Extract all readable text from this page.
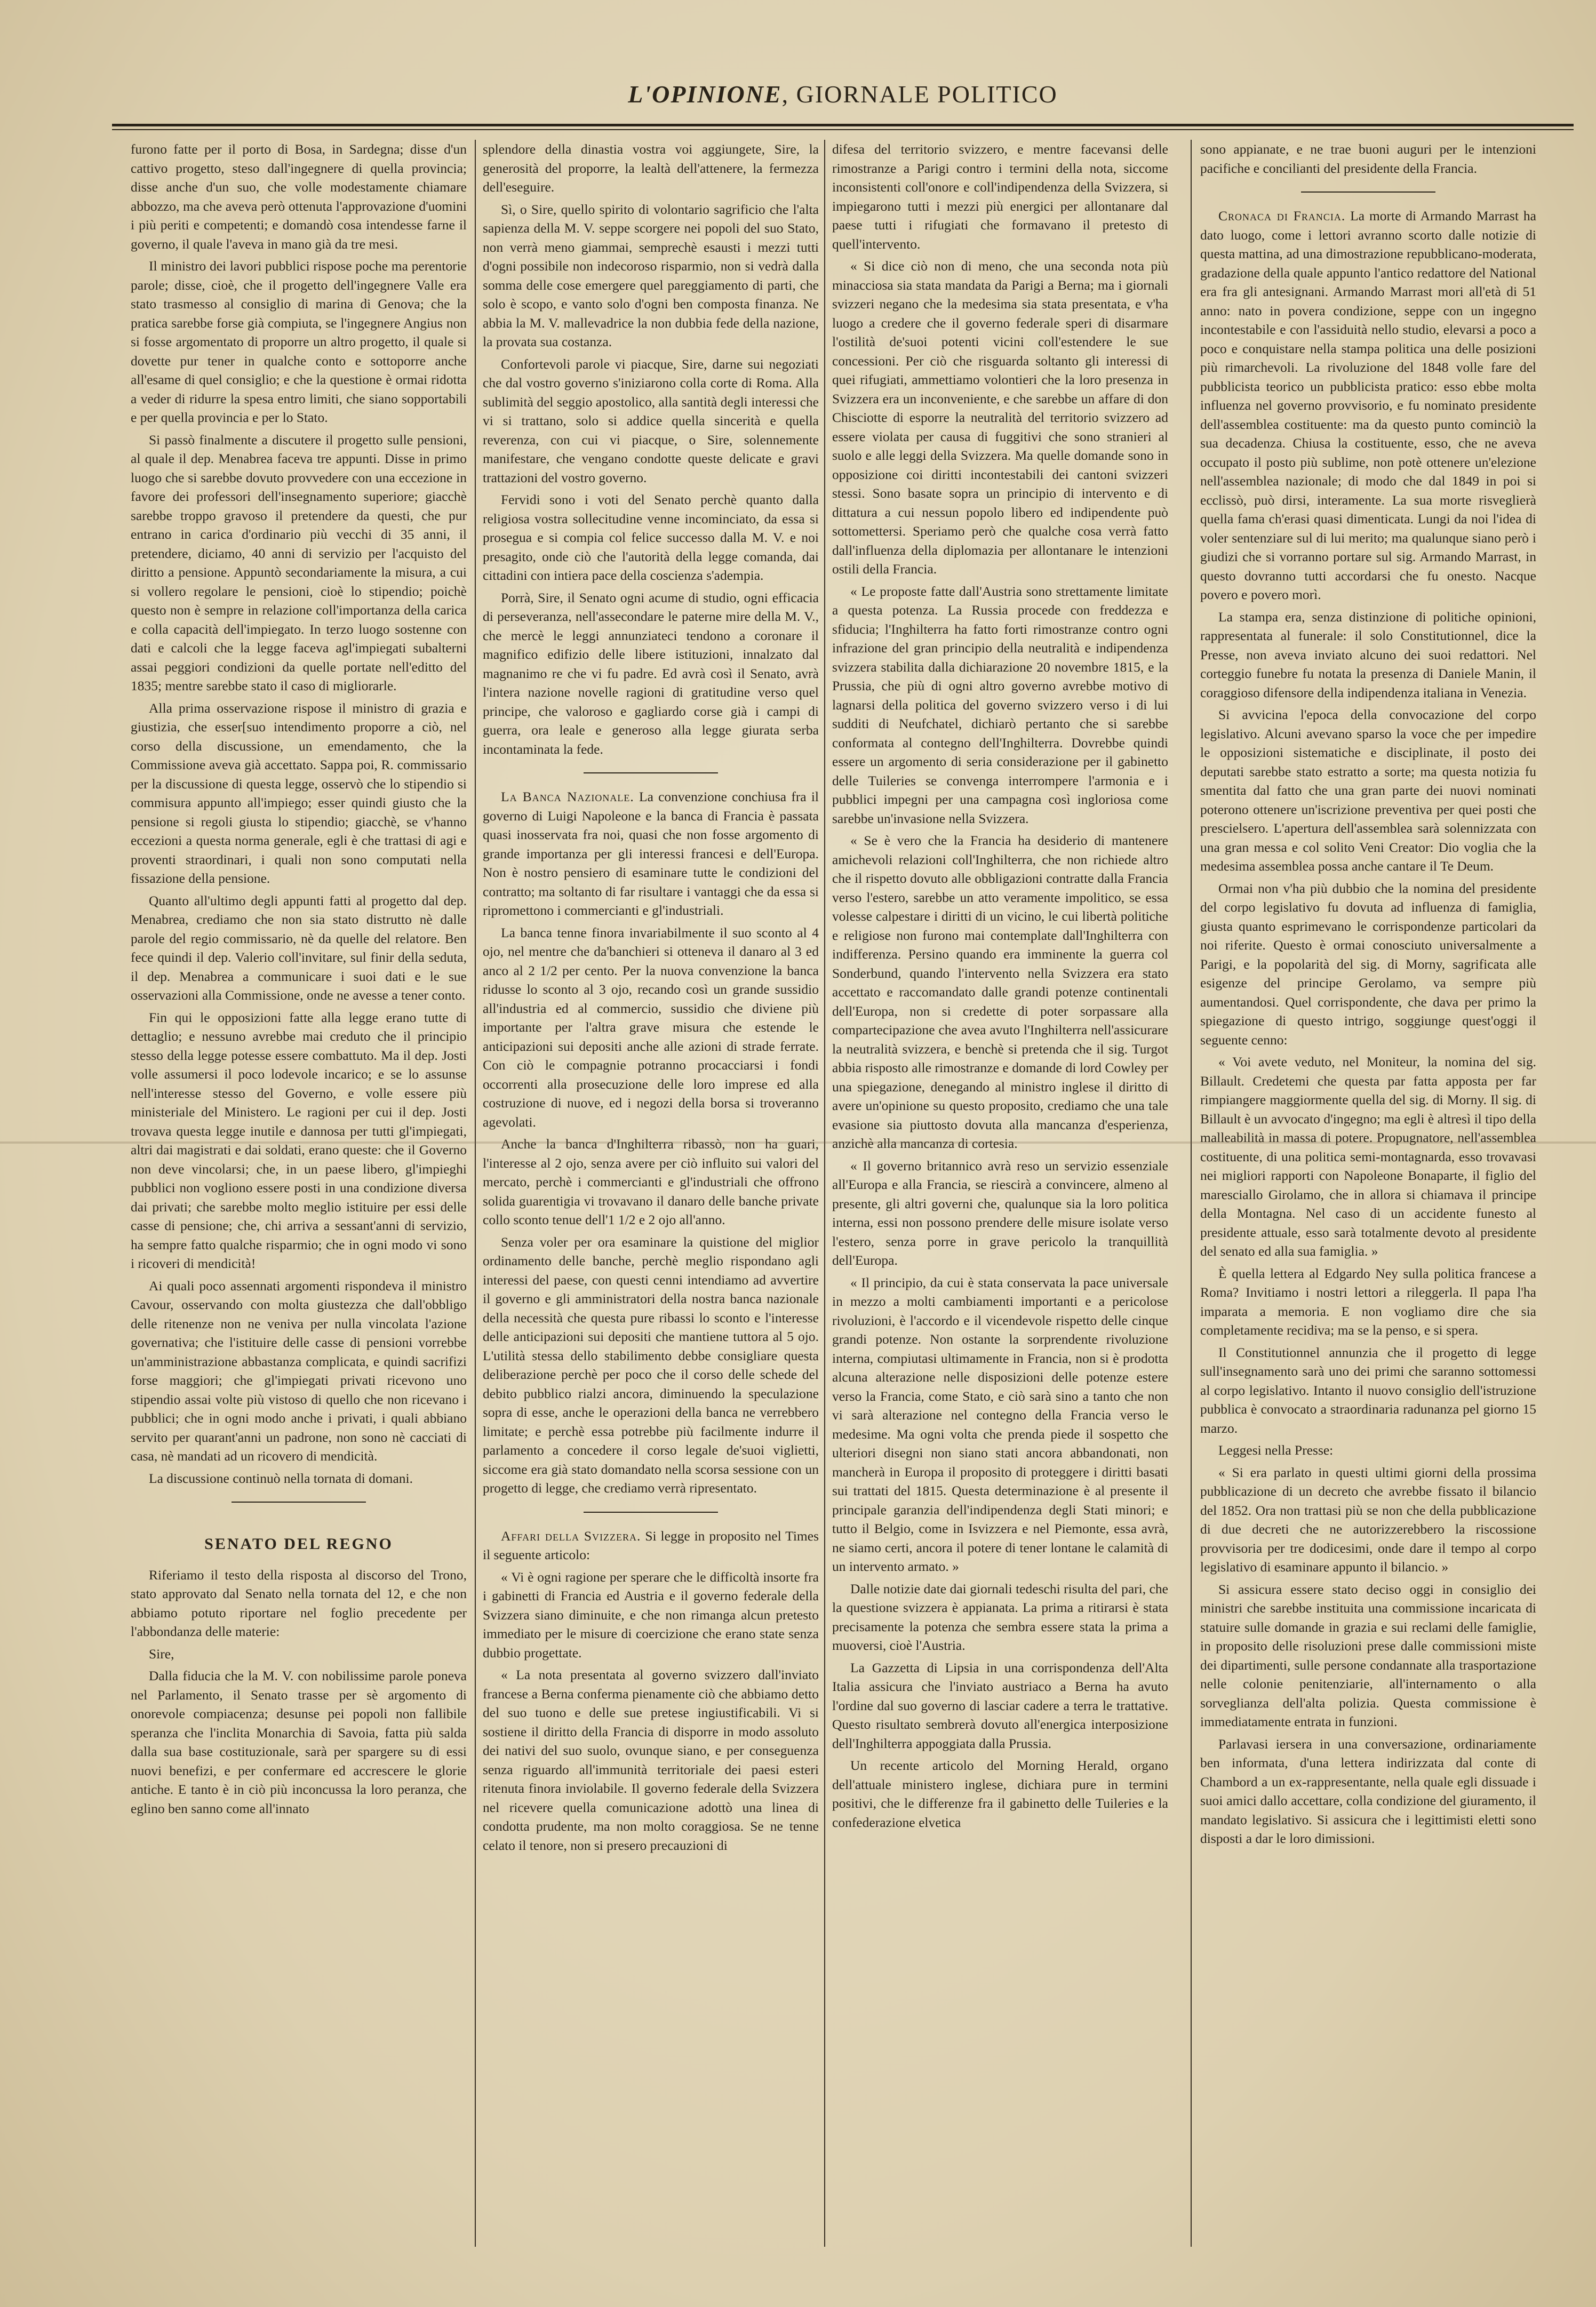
L'OPINIONE, GIORNALE POLITICO

furono fatte per il porto di Bosa, in Sardegna; disse d'un cattivo progetto, steso dall'ingegnere di quella provincia; disse anche d'un suo, che volle modestamente chiamare abbozzo, ma che aveva però ottenuta l'approvazione d'uomini i più periti e competenti; e domandò cosa intendesse farne il governo, il quale l'aveva in mano già da tre mesi.

Il ministro dei lavori pubblici rispose poche ma perentorie parole; disse, cioè, che il progetto dell'ingegnere Valle era stato trasmesso al consiglio di marina di Genova; che la pratica sarebbe forse già compiuta, se l'ingegnere Angius non si fosse argomentato di proporre un altro progetto, il quale si dovette pur tener in qualche conto e sottoporre anche all'esame di quel consiglio; e che la questione è ormai ridotta a veder di ridurre la spesa entro limiti, che siano sopportabili e per quella provincia e per lo Stato.

Si passò finalmente a discutere il progetto sulle pensioni, al quale il dep. Menabrea faceva tre appunti. Disse in primo luogo che si sarebbe dovuto provvedere con una eccezione in favore dei professori dell'insegnamento superiore; giacchè sarebbe troppo gravoso il pretendere da questi, che pur entrano in carica d'ordinario più vecchi di 35 anni, il pretendere, diciamo, 40 anni di servizio per l'acquisto del diritto a pensione. Appuntò secondariamente la misura, a cui si vollero regolare le pensioni, cioè lo stipendio; poichè questo non è sempre in relazione coll'importanza della carica e colla capacità dell'impiegato. In terzo luogo sostenne con dati e calcoli che la legge faceva agl'impiegati subalterni assai peggiori condizioni da quelle portate nell'editto del 1835; mentre sarebbe stato il caso di migliorarle.

Alla prima osservazione rispose il ministro di grazia e giustizia, che esser[suo intendimento proporre a ciò, nel corso della discussione, un emendamento, che la Commissione aveva già accettato. Sappa poi, R. commissario per la discussione di questa legge, osservò che lo stipendio si commisura appunto all'impiego; esser quindi giusto che la pensione si regoli giusta lo stipendio; giacchè, se v'hanno eccezioni a questa norma generale, egli è che trattasi di agi e proventi straordinari, i quali non sono computati nella fissazione della pensione.

Quanto all'ultimo degli appunti fatti al progetto dal dep. Menabrea, crediamo che non sia stato distrutto nè dalle parole del regio commissario, nè da quelle del relatore. Ben fece quindi il dep. Valerio coll'invitare, sul finir della seduta, il dep. Menabrea a communicare i suoi dati e le sue osservazioni alla Commissione, onde ne avesse a tener conto.

Fin qui le opposizioni fatte alla legge erano tutte di dettaglio; e nessuno avrebbe mai creduto che il principio stesso della legge potesse essere combattuto. Ma il dep. Josti volle assumersi il poco lodevole incarico; e se lo assunse nell'interesse stesso del Governo, e volle essere più ministeriale del Ministero. Le ragioni per cui il dep. Josti trovava questa legge inutile e dannosa per tutti gl'impiegati, altri dai magistrati e dai soldati, erano queste: che il Governo non deve vincolarsi; che, in un paese libero, gl'impieghi pubblici non vogliono essere posti in una condizione diversa dai privati; che sarebbe molto meglio istituire per essi delle casse di pensione; che, chi arriva a sessant'anni di servizio, ha sempre fatto qualche risparmio; che in ogni modo vi sono i ricoveri di mendicità!

Ai quali poco assennati argomenti rispondeva il ministro Cavour, osservando con molta giustezza che dall'obbligo delle ritenenze non ne veniva per nulla vincolata l'azione governativa; che l'istituire delle casse di pensioni vorrebbe un'amministrazione abbastanza complicata, e quindi sacrifizi forse maggiori; che gl'impiegati privati ricevono uno stipendio assai volte più vistoso di quello che non ricevano i pubblici; che in ogni modo anche i privati, i quali abbiano servito per quarant'anni un padrone, non sono nè cacciati di casa, nè mandati ad un ricovero di mendicità.

La discussione continuò nella tornata di domani.

SENATO DEL REGNO

Riferiamo il testo della risposta al discorso del Trono, stato approvato dal Senato nella tornata del 12, e che non abbiamo potuto riportare nel foglio precedente per l'abbondanza delle materie:

Sire,

Dalla fiducia che la M. V. con nobilissime parole poneva nel Parlamento, il Senato trasse per sè argomento di onorevole compiacenza; desunse pei popoli non fallibile speranza che l'inclita Monarchia di Savoia, fatta più salda dalla sua base costituzionale, sarà per spargere su di essi nuovi benefizi, e per confermare ed accrescere le glorie antiche. E tanto è in ciò più inconcussa la loro peranza, che eglino ben sanno come all'innato

splendore della dinastia vostra voi aggiungete, Sire, la generosità del proporre, la lealtà dell'attenere, la fermezza dell'eseguire.

Sì, o Sire, quello spirito di volontario sagrificio che l'alta sapienza della M. V. seppe scorgere nei popoli del suo Stato, non verrà meno giammai, semprechè esausti i mezzi tutti d'ogni possibile non indecoroso risparmio, non si vedrà dalla somma delle cose emergere quel pareggiamento di parti, che solo è scopo, e vanto solo d'ogni ben composta finanza. Ne abbia la M. V. mallevadrice la non dubbia fede della nazione, la provata sua costanza.

Confortevoli parole vi piacque, Sire, darne sui negoziati che dal vostro governo s'iniziarono colla corte di Roma. Alla sublimità del seggio apostolico, alla santità degli interessi che vi si trattano, solo si addice quella sincerità e quella reverenza, con cui vi piacque, o Sire, solennemente manifestare, che vengano condotte queste delicate e gravi trattazioni del vostro governo.

Fervidi sono i voti del Senato perchè quanto dalla religiosa vostra sollecitudine venne incominciato, da essa si prosegua e si compia col felice successo dalla M. V. e noi presagito, onde ciò che l'autorità della legge comanda, dai cittadini con intiera pace della coscienza s'adempia.

Porrà, Sire, il Senato ogni acume di studio, ogni efficacia di perseveranza, nell'assecondare le paterne mire della M. V., che mercè le leggi annunziateci tendono a coronare il magnifico edifizio delle libere istituzioni, innalzato dal magnanimo re che vi fu padre. Ed avrà così il Senato, avrà l'intera nazione novelle ragioni di gratitudine verso quel principe, che valoroso e gagliardo corse già i campi di guerra, ora leale e generoso alla legge giurata serba incontaminata la fede.

La Banca Nazionale. La convenzione conchiusa fra il governo di Luigi Napoleone e la banca di Francia è passata quasi inosservata fra noi, quasi che non fosse argomento di grande importanza per gli interessi francesi e dell'Europa. Non è nostro pensiero di esaminare tutte le condizioni del contratto; ma soltanto di far risultare i vantaggi che da essa si ripromettono i commercianti e gl'industriali.

La banca tenne finora invariabilmente il suo sconto al 4 ojo, nel mentre che da'banchieri si otteneva il danaro al 3 ed anco al 2 1/2 per cento. Per la nuova convenzione la banca ridusse lo sconto al 3 ojo, recando così un grande sussidio all'industria ed al commercio, sussidio che diviene più importante per l'altra grave misura che estende le anticipazioni sui depositi anche alle azioni di strade ferrate. Con ciò le compagnie potranno procacciarsi i fondi occorrenti alla prosecuzione delle loro imprese ed alla costruzione di nuove, ed i negozi della borsa si troveranno agevolati.

Anche la banca d'Inghilterra ribassò, non ha guari, l'interesse al 2 ojo, senza avere per ciò influito sui valori del mercato, perchè i commercianti e gl'industriali che offrono solida guarentigia vi trovavano il danaro delle banche private collo sconto tenue dell'1 1/2 e 2 ojo all'anno.

Senza voler per ora esaminare la quistione del miglior ordinamento delle banche, perchè meglio rispondano agli interessi del paese, con questi cenni intendiamo ad avvertire il governo e gli amministratori della nostra banca nazionale della necessità che questa pure ribassi lo sconto e l'interesse delle anticipazioni sui depositi che mantiene tuttora al 5 ojo. L'utilità stessa dello stabilimento debbe consigliare questa deliberazione perchè per poco che il corso delle schede del debito pubblico rialzi ancora, diminuendo la speculazione sopra di esse, anche le operazioni della banca ne verrebbero limitate; e perchè essa potrebbe più facilmente indurre il parlamento a concedere il corso legale de'suoi viglietti, siccome era già stato domandato nella scorsa sessione con un progetto di legge, che crediamo verrà ripresentato.

Affari della Svizzera. Si legge in proposito nel Times il seguente articolo:

« Vi è ogni ragione per sperare che le difficoltà insorte fra i gabinetti di Francia ed Austria e il governo federale della Svizzera siano diminuite, e che non rimanga alcun pretesto immediato per le misure di coercizione che erano state senza dubbio progettate.

« La nota presentata al governo svizzero dall'inviato francese a Berna conferma pienamente ciò che abbiamo detto del suo tuono e delle sue pretese ingiustificabili. Vi si sostiene il diritto della Francia di disporre in modo assoluto dei nativi del suo suolo, ovunque siano, e per conseguenza senza riguardo all'immunità territoriale dei paesi esteri ritenuta finora inviolabile. Il governo federale della Svizzera nel ricevere quella comunicazione adottò una linea di condotta prudente, ma non molto coraggiosa. Se ne tenne celato il tenore, non si presero precauzioni di

difesa del territorio svizzero, e mentre facevansi delle rimostranze a Parigi contro i termini della nota, siccome inconsistenti coll'onore e coll'indipendenza della Svizzera, si impiegarono tutti i mezzi più energici per allontanare dal paese tutti i rifugiati che formavano il pretesto di quell'intervento.

« Si dice ciò non di meno, che una seconda nota più minacciosa sia stata mandata da Parigi a Berna; ma i giornali svizzeri negano che la medesima sia stata presentata, e v'ha luogo a credere che il governo federale speri di disarmare l'ostilità de'suoi potenti vicini coll'estendere le sue concessioni. Per ciò che risguarda soltanto gli interessi di quei rifugiati, ammettiamo volontieri che la loro presenza in Svizzera era un inconveniente, e che sarebbe un affare di don Chisciotte di esporre la neutralità del territorio svizzero ad essere violata per causa di fuggitivi che sono stranieri al suolo e alle leggi della Svizzera. Ma quelle domande sono in opposizione coi diritti incontestabili dei cantoni svizzeri stessi. Sono basate sopra un principio di intervento e di dittatura a cui nessun popolo libero ed indipendente può sottomettersi. Speriamo però che qualche cosa verrà fatto dall'influenza della diplomazia per allontanare le intenzioni ostili della Francia.

« Le proposte fatte dall'Austria sono strettamente limitate a questa potenza. La Russia procede con freddezza e sfiducia; l'Inghilterra ha fatto forti rimostranze contro ogni infrazione del gran principio della neutralità e indipendenza svizzera stabilita dalla dichiarazione 20 novembre 1815, e la Prussia, che più di ogni altro governo avrebbe motivo di lagnarsi della politica del governo svizzero verso i di lui sudditi di Neufchatel, dichiarò pertanto che si sarebbe conformata al contegno dell'Inghilterra. Dovrebbe quindi essere un argomento di seria considerazione per il gabinetto delle Tuileries se convenga interrompere l'armonia e i pubblici impegni per una campagna così ingloriosa come sarebbe un'invasione nella Svizzera.

« Se è vero che la Francia ha desiderio di mantenere amichevoli relazioni coll'Inghilterra, che non richiede altro che il rispetto dovuto alle obbligazioni contratte dalla Francia verso l'estero, sarebbe un atto veramente impolitico, se essa volesse calpestare i diritti di un vicino, le cui libertà politiche e religiose non furono mai contemplate dall'Inghilterra con indifferenza. Persino quando era imminente la guerra col Sonderbund, quando l'intervento nella Svizzera era stato accettato e raccomandato dalle grandi potenze continentali dell'Europa, non si credette di poter sorpassare alla compartecipazione che avea avuto l'Inghilterra nell'assicurare la neutralità svizzera, e benchè si pretenda che il sig. Turgot abbia risposto alle rimostranze e domande di lord Cowley per una spiegazione, denegando al ministro inglese il diritto di avere un'opinione su questo proposito, crediamo che una tale evasione sia piuttosto dovuta alla mancanza d'esperienza, anzichè alla mancanza di cortesia.

« Il governo britannico avrà reso un servizio essenziale all'Europa e alla Francia, se riescirà a convincere, almeno al presente, gli altri governi che, qualunque sia la loro politica interna, essi non possono prendere delle misure isolate verso l'estero, senza porre in grave pericolo la tranquillità dell'Europa.

« Il principio, da cui è stata conservata la pace universale in mezzo a molti cambiamenti importanti e a pericolose rivoluzioni, è l'accordo e il vicendevole rispetto delle cinque grandi potenze. Non ostante la sorprendente rivoluzione interna, compiutasi ultimamente in Francia, non si è prodotta alcuna alterazione nelle disposizioni delle potenze estere verso la Francia, come Stato, e ciò sarà sino a tanto che non vi sarà alterazione nel contegno della Francia verso le medesime. Ma ogni volta che prenda piede il sospetto che ulteriori disegni non siano stati ancora abbandonati, non mancherà in Europa il proposito di proteggere i diritti basati sui trattati del 1815. Questa determinazione è al presente il principale garanzia dell'indipendenza degli Stati minori; e tutto il Belgio, come in Isvizzera e nel Piemonte, essa avrà, ne siamo certi, ancora il potere di tener lontane le calamità di un intervento armato. »

Dalle notizie date dai giornali tedeschi risulta del pari, che la questione svizzera è appianata. La prima a ritirarsi è stata precisamente la potenza che sembra essere stata la prima a muoversi, cioè l'Austria.

La Gazzetta di Lipsia in una corrispondenza dell'Alta Italia assicura che l'inviato austriaco a Berna ha avuto l'ordine dal suo governo di lasciar cadere a terra le trattative. Questo risultato sembrerà dovuto all'energica interposizione dell'Inghilterra appoggiata dalla Prussia.

Un recente articolo del Morning Herald, organo dell'attuale ministero inglese, dichiara pure in termini positivi, che le differenze fra il gabinetto delle Tuileries e la confederazione elvetica

sono appianate, e ne trae buoni auguri per le intenzioni pacifiche e concilianti del presidente della Francia.

Cronaca di Francia. La morte di Armando Marrast ha dato luogo, come i lettori avranno scorto dalle notizie di questa mattina, ad una dimostrazione repubblicano-moderata, gradazione della quale appunto l'antico redattore del National era fra gli antesignani. Armando Marrast mori all'età di 51 anno: nato in povera condizione, seppe con un ingegno incontestabile e con l'assiduità nello studio, elevarsi a poco a poco e conquistare nella stampa politica una delle posizioni più rimarchevoli. La rivoluzione del 1848 volle fare del pubblicista teorico un pubblicista pratico: esso ebbe molta influenza nel governo provvisorio, e fu nominato presidente dell'assemblea costituente: ma da questo punto cominciò la sua decadenza. Chiusa la costituente, esso, che ne aveva occupato il posto più sublime, non potè ottenere un'elezione nell'assemblea nazionale; di modo che dal 1849 in poi si ecclissò, può dirsi, interamente. La sua morte risveglierà quella fama ch'erasi quasi dimenticata. Lungi da noi l'idea di voler sentenziare sul di lui merito; ma qualunque siano però i giudizi che si vorranno portare sul sig. Armando Marrast, in questo dovranno tutti accordarsi che fu onesto. Nacque povero e povero morì.

La stampa era, senza distinzione di politiche opinioni, rappresentata al funerale: il solo Constitutionnel, dice la Presse, non aveva inviato alcuno dei suoi redattori. Nel corteggio funebre fu notata la presenza di Daniele Manin, il coraggioso difensore della indipendenza italiana in Venezia.

Si avvicina l'epoca della convocazione del corpo legislativo. Alcuni avevano sparso la voce che per impedire le opposizioni sistematiche e disciplinate, il posto dei deputati sarebbe stato estratto a sorte; ma questa notizia fu smentita dal fatto che una gran parte dei nuovi nominati poterono ottenere un'iscrizione preventiva per quei posti che prescielsero. L'apertura dell'assemblea sarà solennizzata con una gran messa e col solito Veni Creator: Dio voglia che la medesima assemblea possa anche cantare il Te Deum.

Ormai non v'ha più dubbio che la nomina del presidente del corpo legislativo fu dovuta ad influenza di famiglia, giusta quanto esprimevano le corrispondenze particolari da noi riferite. Questo è ormai conosciuto universalmente a Parigi, e la popolarità del sig. di Morny, sagrificata alle esigenze del principe Gerolamo, va sempre più aumentandosi. Quel corrispondente, che dava per primo la spiegazione di questo intrigo, soggiunge quest'oggi il seguente cenno:

« Voi avete veduto, nel Moniteur, la nomina del sig. Billault. Credetemi che questa par fatta apposta per far rimpiangere maggiormente quella del sig. di Morny. Il sig. di Billault è un avvocato d'ingegno; ma egli è altresì il tipo della malleabilità in massa di potere. Propugnatore, nell'assemblea costituente, di una politica semi-montagnarda, esso trovavasi nei migliori rapporti con Napoleone Bonaparte, il figlio del maresciallo Girolamo, che in allora si chiamava il principe della Montagna. Nel caso di un accidente funesto al presidente attuale, esso sarà totalmente devoto al presidente del senato ed alla sua famiglia. »

È quella lettera al Edgardo Ney sulla politica francese a Roma? Invitiamo i nostri lettori a rileggerla. Il papa l'ha imparata a memoria. E non vogliamo dire che sia completamente recidiva; ma se la penso, e si spera.

Il Constitutionnel annunzia che il progetto di legge sull'insegnamento sarà uno dei primi che saranno sottomessi al corpo legislativo. Intanto il nuovo consiglio dell'istruzione pubblica è convocato a straordinaria radunanza pel giorno 15 marzo.

Leggesi nella Presse:

« Si era parlato in questi ultimi giorni della prossima pubblicazione di un decreto che avrebbe fissato il bilancio del 1852. Ora non trattasi più se non che della pubblicazione di due decreti che ne autorizzerebbero la riscossione provvisoria per tre dodicesimi, onde dare il tempo al corpo legislativo di esaminare appunto il bilancio. »

Si assicura essere stato deciso oggi in consiglio dei ministri che sarebbe instituita una commissione incaricata di statuire sulle domande in grazia e sui reclami delle famiglie, in proposito delle risoluzioni prese dalle commissioni miste dei dipartimenti, sulle persone condannate alla trasportazione nelle colonie penitenziarie, all'internamento o alla sorveglianza dell'alta polizia. Questa commissione è immediatamente entrata in funzioni.

Parlavasi iersera in una conversazione, ordinariamente ben informata, d'una lettera indirizzata dal conte di Chambord a un ex-rappresentante, nella quale egli dissuade i suoi amici dallo accettare, colla condizione del giuramento, il mandato legislativo. Si assicura che i legittimisti eletti sono disposti a dar le loro dimissioni.
